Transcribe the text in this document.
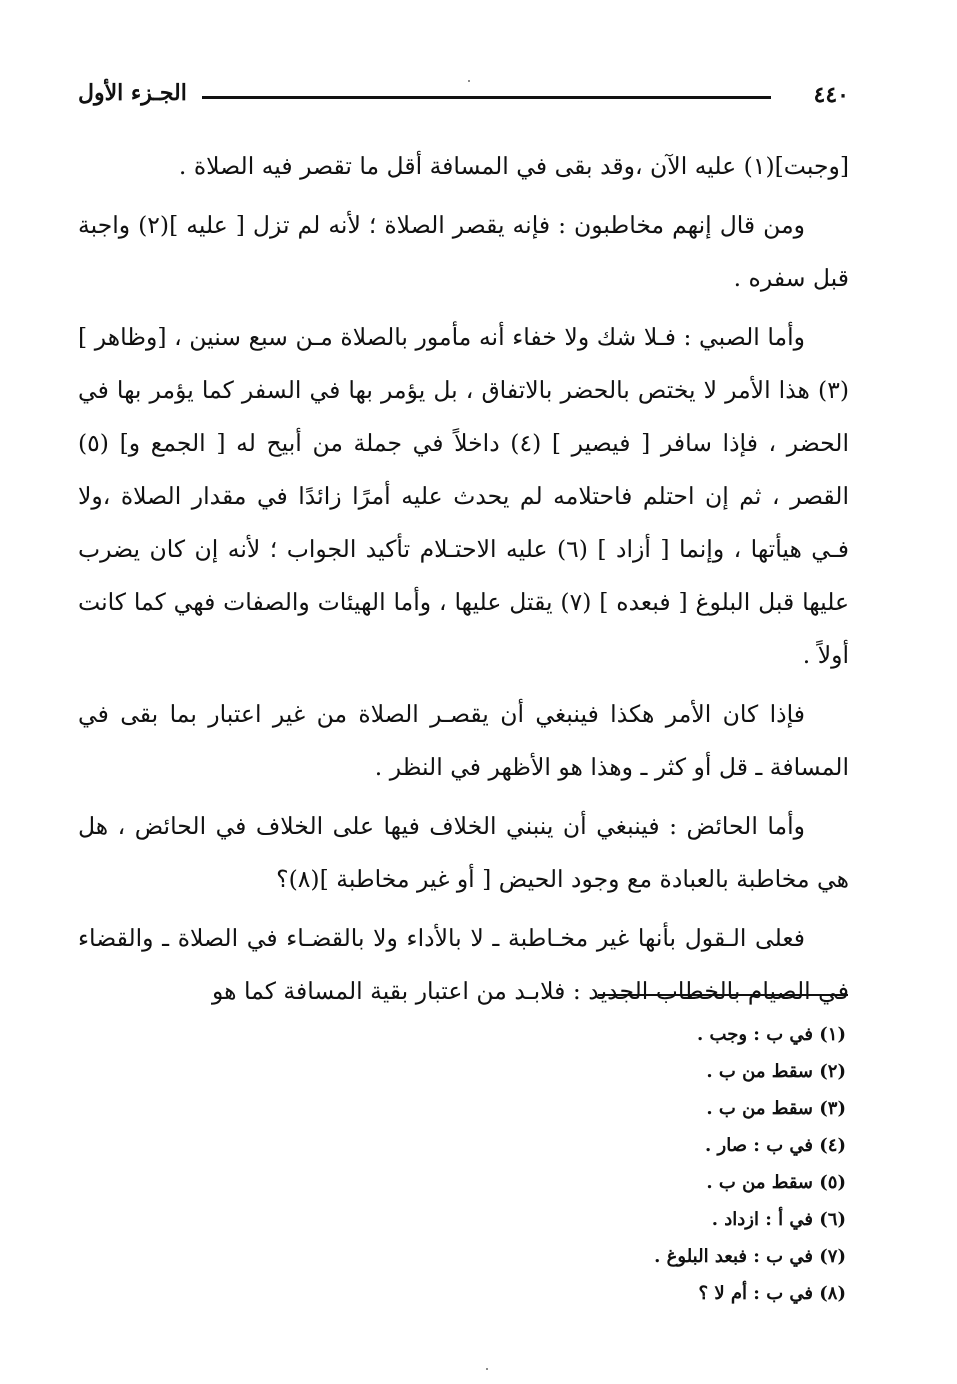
٤٤٠
الجـزء الأول

[وجبت](١) عليه الآن ،وقد بقى في المسافة أقل ما تقصر فيه الصلاة .

ومن قال إنهم مخاطبون : فإنه يقصر الصلاة ؛ لأنه لم تزل [ عليه ](٢) واجبة قبل سفره .

وأما الصبي : فـلا شك ولا خفاء أنه مأمور بالصلاة مـن سبع سنين ، [وظاهر ] (٣) هذا الأمر لا يختص بالحضر بالاتفاق ، بل يؤمر بها في السفر كما يؤمر بها في الحضر ، فإذا سافر [ فيصير ] (٤) داخلاً في جملة من أبيح له [ الجمع و] (٥) القصر ، ثم إن احتلم فاحتلامه لم يحدث عليه أمرًا زائدًا في مقدار الصلاة ،ولا فـي هيأتها ، وإنما [ أزاد ] (٦) عليه الاحتـلام تأكيد الجواب ؛ لأنه إن كان يضرب عليها قبل البلوغ [ فبعده ] (٧) يقتل عليها ، وأما الهيئات والصفات فهي كما كانت أولاً .

فإذا كان الأمر هكذا فينبغي أن يقصـر الصلاة من غير اعتبار بما بقى في المسافة ـ قل أو كثر ـ وهذا هو الأظهر في النظر .

وأما الحائض : فينبغي أن ينبني الخلاف فيها على الخلاف في الحائض ، هل هي مخاطبة بالعبادة مع وجود الحيض [ أو غير مخاطبة ](٨)؟

فعلى الـقول بأنها غير مخـاطبة ـ لا بالأداء ولا بالقضـاء في الصلاة ـ والقضاء في الصيام بالخطاب الجديد : فلابـد من اعتبار بقية المسافة كما هو

(١) في ب : وجب .
(٢) سقط من ب .
(٣) سقط من ب .
(٤) في ب : صار .
(٥) سقط من ب .
(٦) في أ : ازداد .
(٧) في ب : فبعد البلوغ .
(٨) في ب : أم لا ؟
